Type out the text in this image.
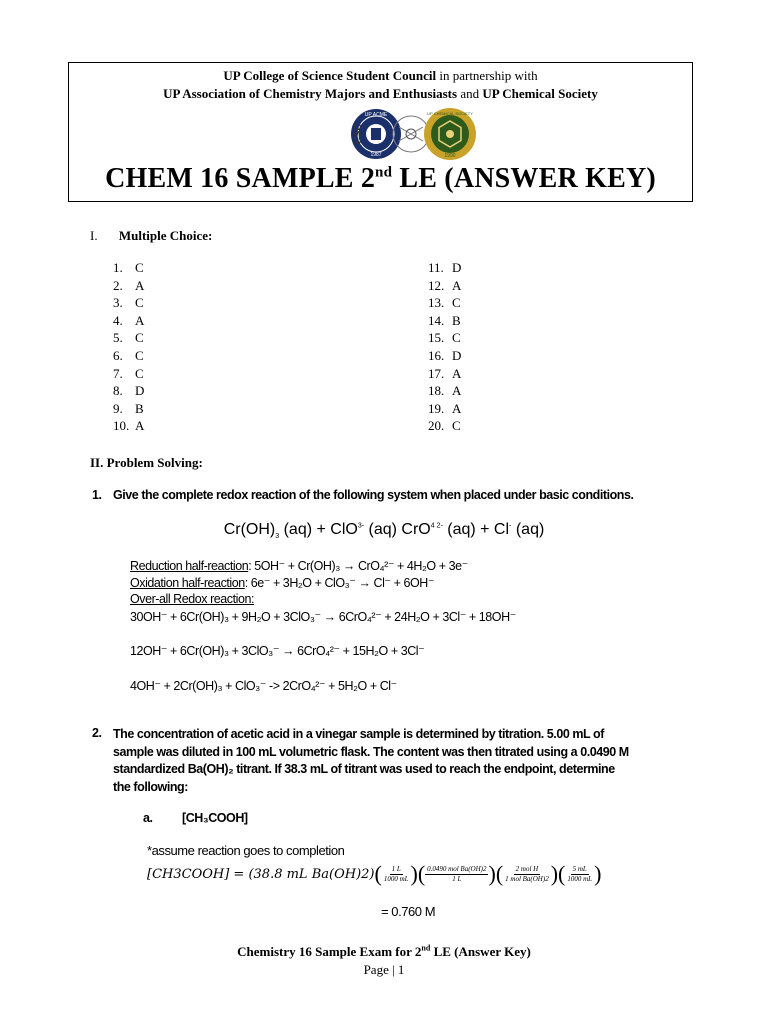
UP College of Science Student Council in partnership with
UP Association of Chemistry Majors and Enthusiasts and UP Chemical Society
UP ACME
1987
CSC
1990
UP CHEMICAL SOCIETY
CHEM 16 SAMPLE 2nd LE (ANSWER KEY)
I. Multiple Choice:
1. C
2. A
3. C
4. A
5. C
6. C
7. C
8. D
9. B
10. A
11. D
12. A
13. C
14. B
15. C
16. D
17. A
18. A
19. A
20. C
II. Problem Solving:
1. Give the complete redox reaction of the following system when placed under basic conditions.
$Cr(OH)_3$ (aq) + ClO$^{3-}$ (aq) CrO$^{4 2-}$ (aq) + Cl- (aq)
Reduction half-reaction: 5OH⁻ + Cr(OH)₃ → CrO₄²⁻ + 4H₂O + 3e⁻
Oxidation half-reaction: 6e⁻ + 3H₂O + ClO₃⁻ → Cl⁻ + 6OH⁻
Over-all Redox reaction:
30OH⁻ + 6Cr(OH)₃ + 9H₂O + 3ClO₃⁻ → 6CrO₄²⁻ + 24H₂O + 3Cl⁻ + 18OH⁻
12OH⁻ + 6Cr(OH)₃ + 3ClO₃⁻ → 6CrO₄²⁻ + 15H₂O + 3Cl⁻
4OH⁻ + 2Cr(OH)₃ + ClO₃⁻ -> 2CrO₄²⁻ + 5H₂O + Cl⁻
2. The concentration of acetic acid in a vinegar sample is determined by titration. 5.00 mL of
sample was diluted in 100 mL volumetric flask. The content was then titrated using a 0.0490 M
standardized Ba(OH)₂ titrant. If 38.3 mL of titrant was used to reach the endpoint, determine
the following:
a. [CH₃COOH]
*assume reaction goes to completion
[CH3COOH] = (38.8 mL Ba(OH)2) ( $\frac{1 L}{1000 mL}$ ) ( $\frac{\text{0.0490 mol Ba(OH)2}}{1 L}$ ) ( $\frac{\text{2 mol H}}{\text{1 mol Ba(OH)2}}$ ) ( $\frac{5 mL}{1000 mL}$ )
= 0.760 M
Chemistry 16 Sample Exam for 2nd LE (Answer Key)
Page | 1
